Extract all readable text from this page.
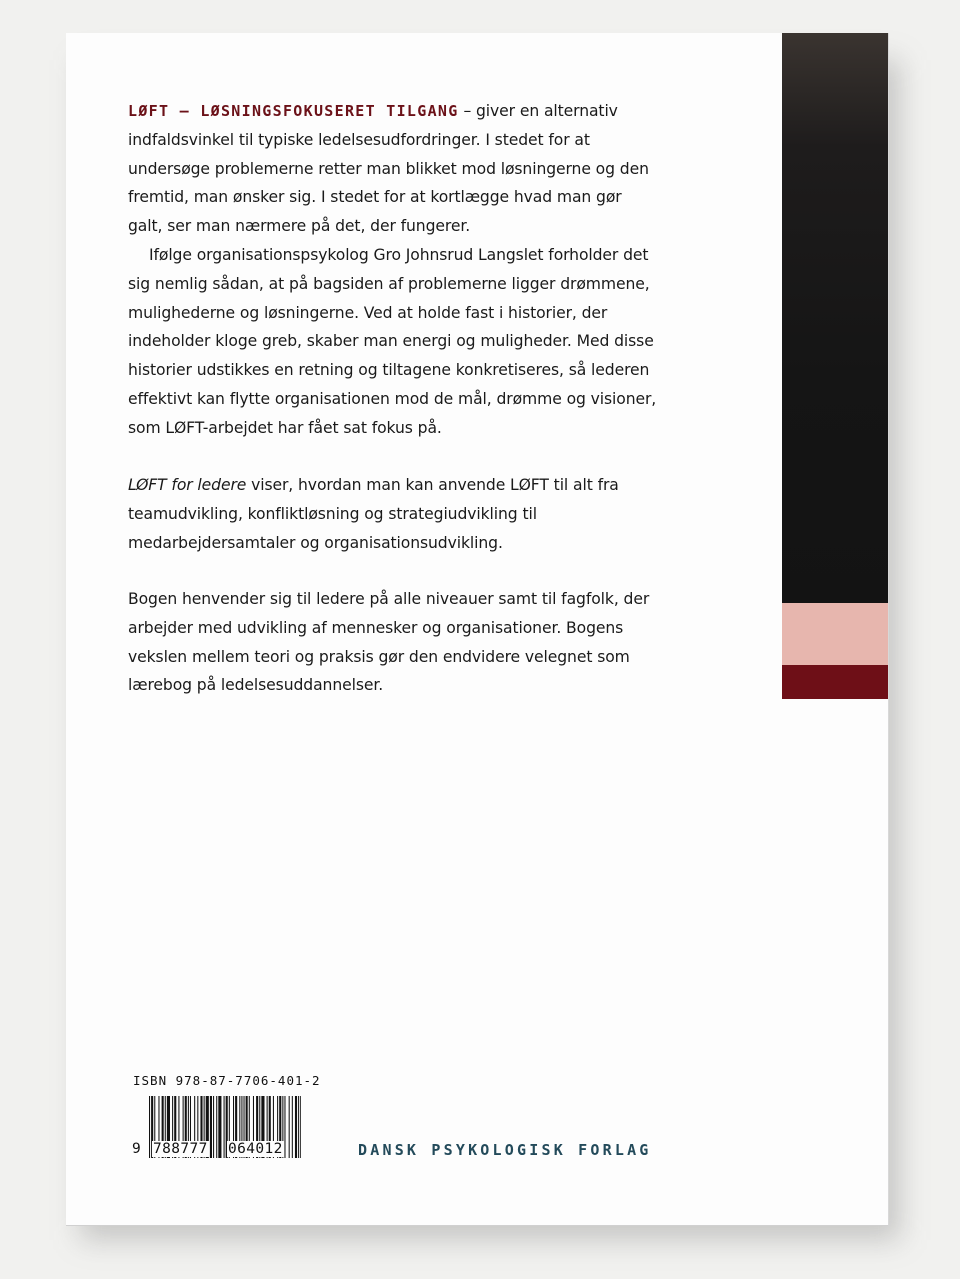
LØFT – LØSNINGSFOKUSERET TILGANG – giver en alternativ indfaldsvinkel til typiske ledelsesudfordringer. I stedet for at undersøge problemerne retter man blikket mod løsningerne og den fremtid, man ønsker sig. I stedet for at kortlægge hvad man gør galt, ser man nærmere på det, der fungerer.

Ifølge organisationspsykolog Gro Johnsrud Langslet forholder det sig nemlig sådan, at på bagsiden af problemerne ligger drømmene, mulighederne og løsningerne. Ved at holde fast i historier, der indeholder kloge greb, skaber man energi og muligheder. Med disse historier udstikkes en retning og tiltagene konkretiseres, så lederen effektivt kan flytte organisationen mod de mål, drømme og visioner, som LØFT-arbejdet har fået sat fokus på.

LØFT for ledere viser, hvordan man kan anvende LØFT til alt fra teamudvikling, konfliktløsning og strategiudvikling til medarbejdersamtaler og organisationsudvikling.

Bogen henvender sig til ledere på alle niveauer samt til fagfolk, der arbejder med udvikling af mennesker og organisationer. Bogens vekslen mellem teori og praksis gør den endvidere velegnet som lærebog på ledelsesuddannelser.

ISBN 978-87-7706-401-2
9 788777 064012	DANSK PSYKOLOGISK FORLAG
